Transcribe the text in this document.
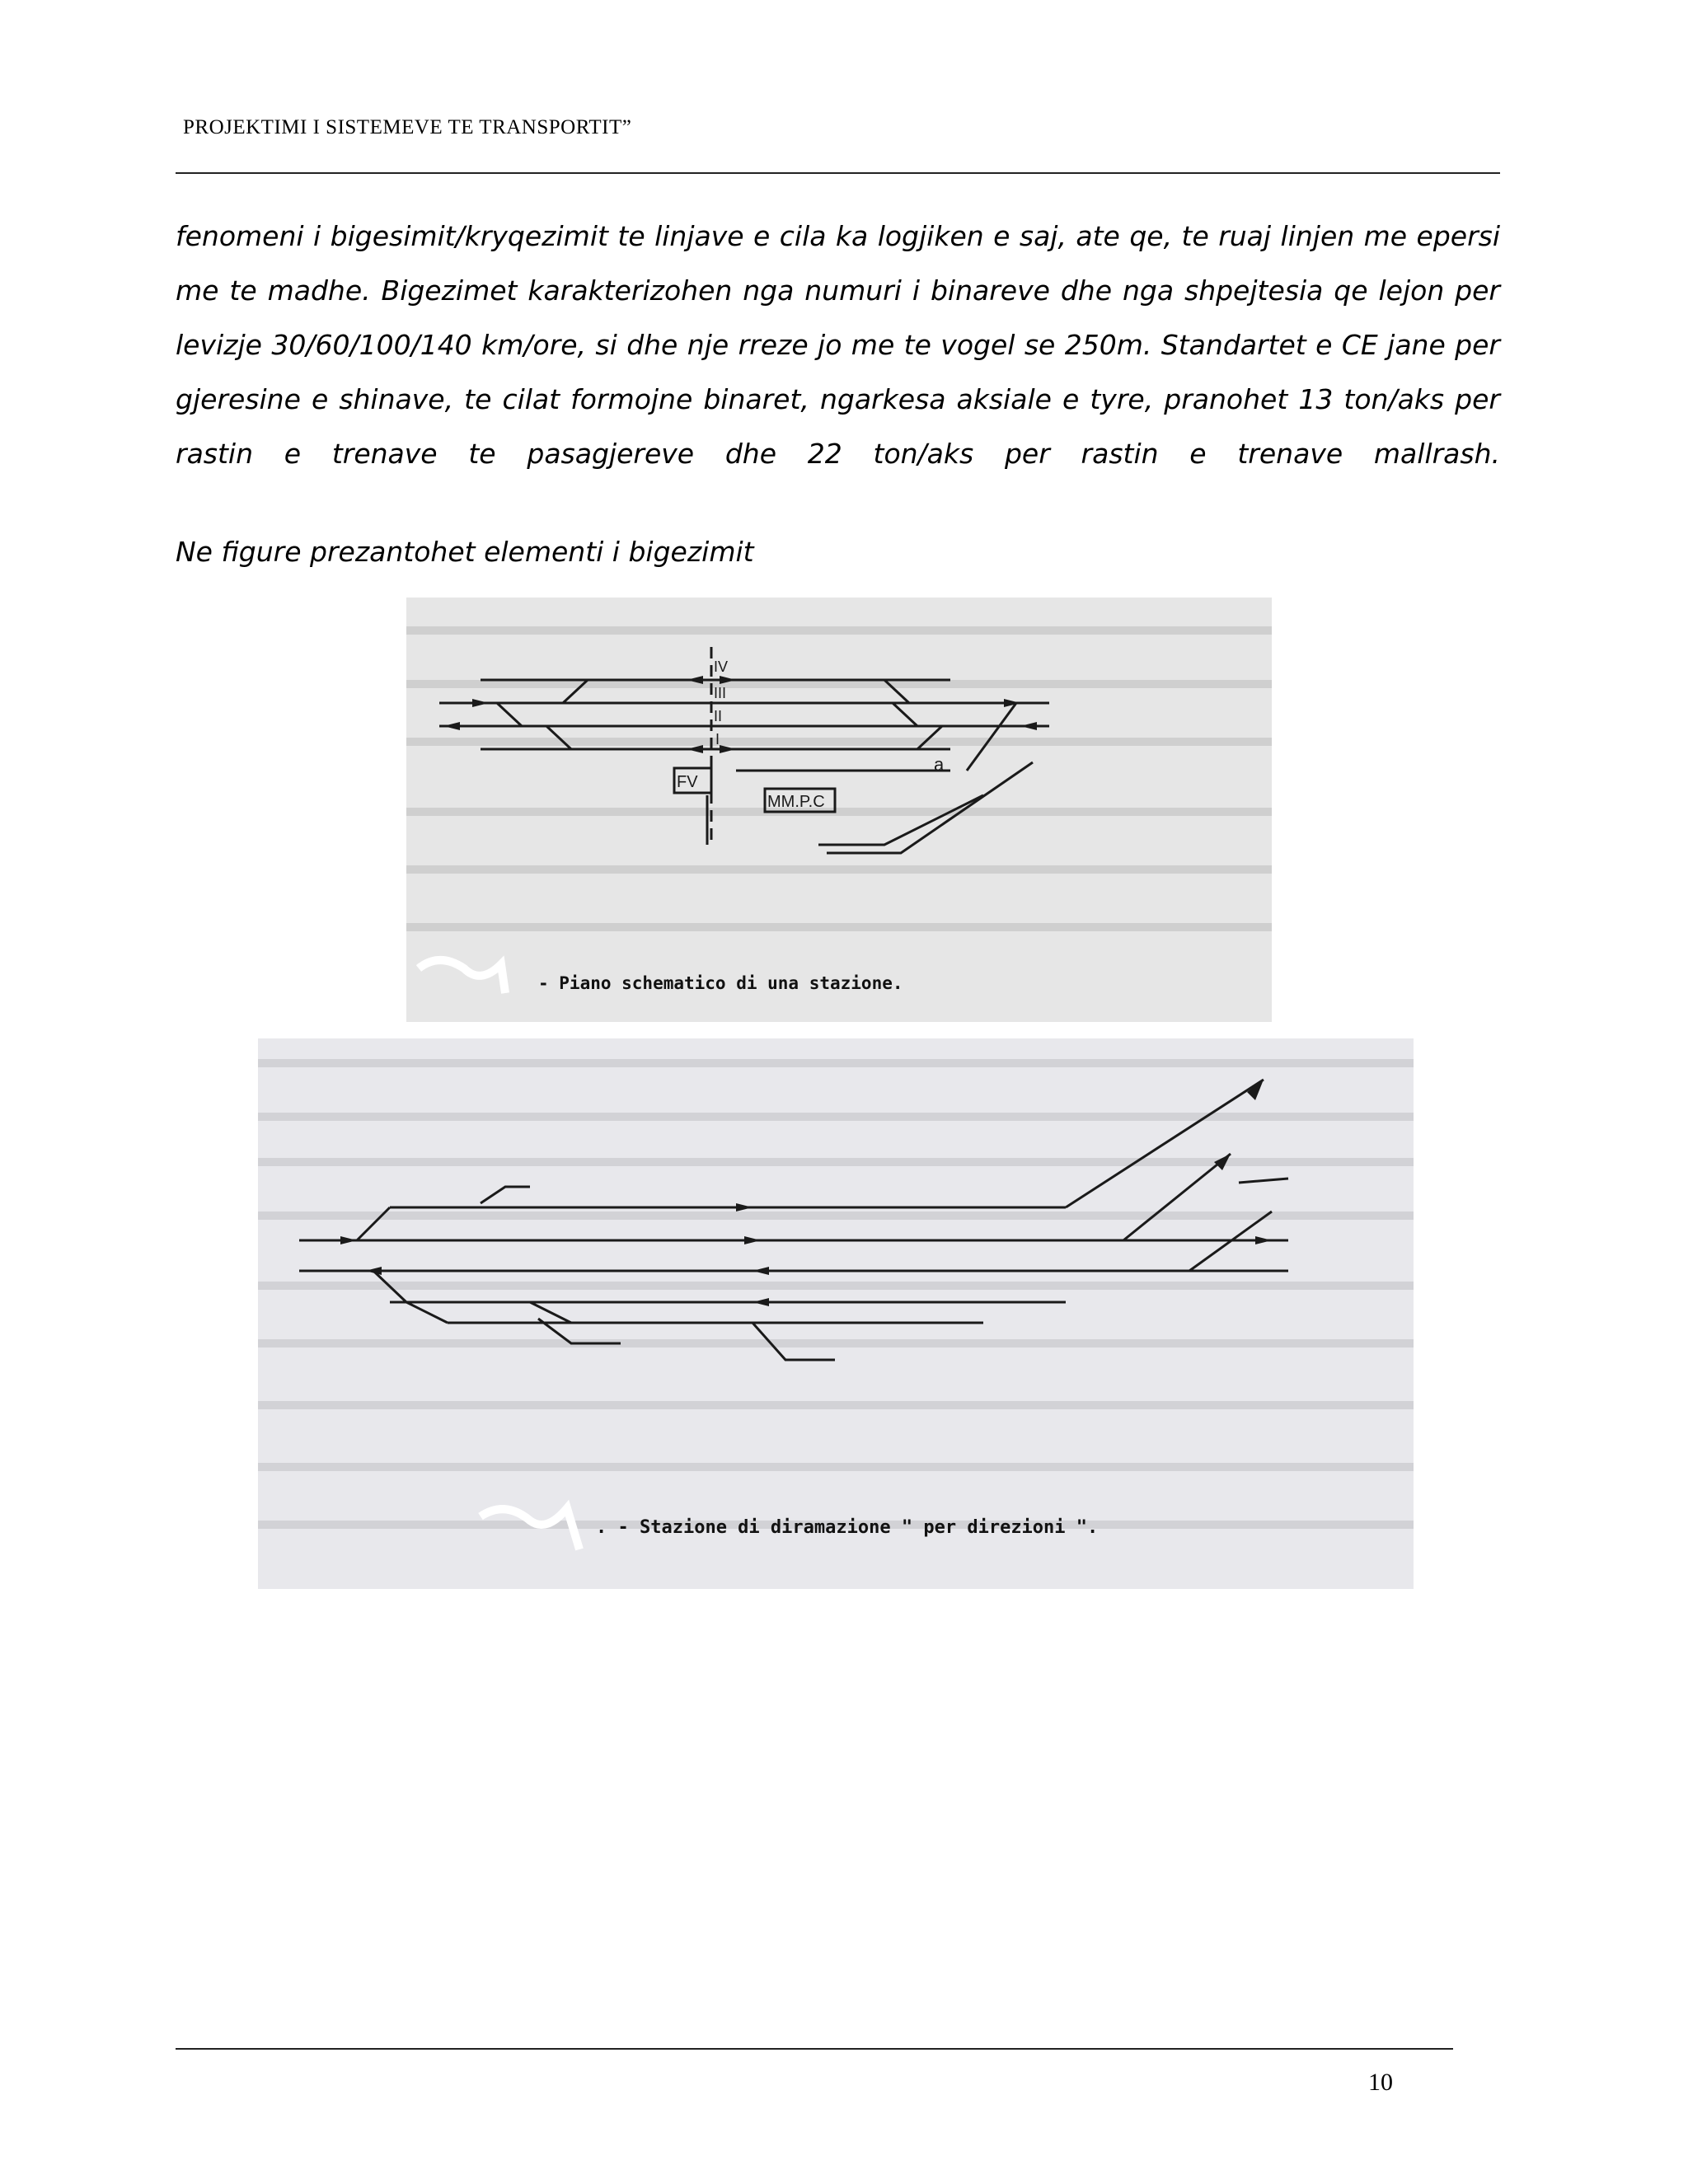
PROJEKTIMI I SISTEMEVE TE TRANSPORTIT”
fenomeni i bigesimit/kryqezimit te linjave e cila ka logjiken e saj, ate qe, te ruaj linjen me epersi me te madhe. Bigezimet karakterizohen nga numuri i binareve dhe nga shpejtesia qe lejon per levizje 30/60/100/140 km/ore, si dhe nje rreze jo me te vogel se 250m. Standartet e CE jane per gjeresine e shinave, te cilat formojne binaret, ngarkesa aksiale e tyre, pranohet 13 ton/aks per rastin e trenave te pasagjereve dhe 22 ton/aks per rastin e trenave mallrash.
Ne figure prezantohet elementi i bigezimit
IV
III
II
I
a
FV
MM.P.C
- Piano schematico di una stazione.
. - Stazione di diramazione " per direzioni ".
10
